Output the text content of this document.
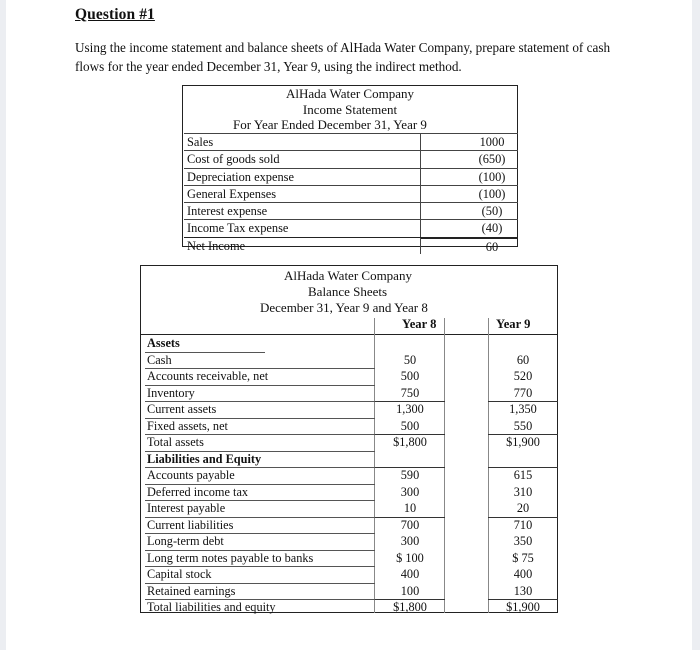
Question #1
Using the income statement and balance sheets of AlHada Water Company, prepare statement of cash flows for the year ended December 31, Year 9, using the indirect method.
AlHada Water Company
Income Statement
For Year Ended December 31, Year 9
Sales	1000
Cost of goods sold	(650)
Depreciation expense	(100)
General Expenses	(100)
Interest expense	(50)
Income Tax expense	(40)
Net Income	60
AlHada Water Company
Balance Sheets
December 31, Year 9 and Year 8
Year 8	Year 9
Assets
Cash	50	60
Accounts receivable, net	500	520
Inventory	750	770
Current assets	1,300	1,350
Fixed assets, net	500	550
Total assets	$1,800	$1,900
Liabilities and Equity
Accounts payable	590	615
Deferred income tax	300	310
Interest payable	10	20
Current liabilities	700	710
Long-term debt	300	350
Long term notes payable to banks	$ 100	$ 75
Capital stock	400	400
Retained earnings	100	130
Total liabilities and equity	$1,800	$1,900
